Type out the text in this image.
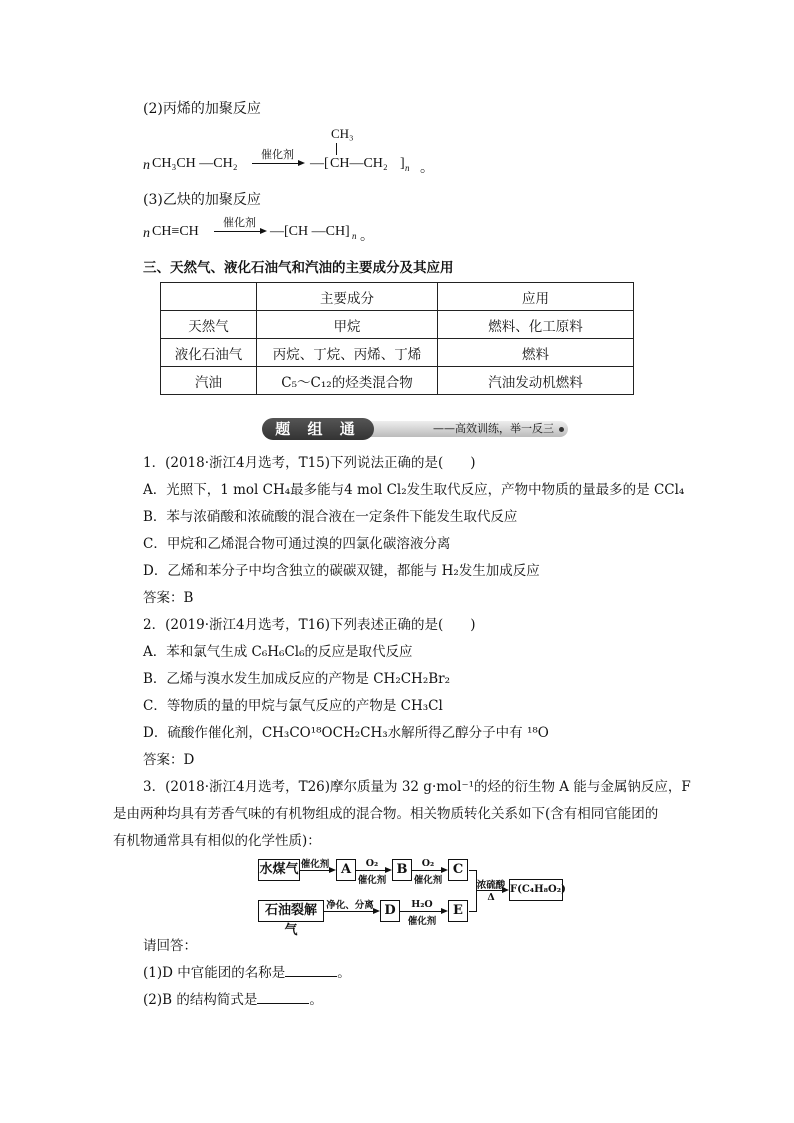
(2)丙烯的加聚反应
n CH₃CH —CH₂
催化剂
CH₃
—[ CH—CH₂ ] n 。
(3)乙炔的加聚反应
n CH≡CH
催化剂
—[CH —CH] n 。
三、天然气、液化石油气和汽油的主要成分及其应用
	主要成分	应用
天然气	甲烷	燃料、化工原料
液化石油气	丙烷、丁烷、丙烯、丁烯	燃料
汽油	C₅～C₁₂的烃类混合物	汽油发动机燃料
——高效训练，举一反三
题 组 通 关
1．(2018·浙江4月选考，T15)下列说法正确的是(　　)
A．光照下，1 mol CH₄最多能与4 mol Cl₂发生取代反应，产物中物质的量最多的是 CCl₄
B．苯与浓硝酸和浓硫酸的混合液在一定条件下能发生取代反应
C．甲烷和乙烯混合物可通过溴的四氯化碳溶液分离
D．乙烯和苯分子中均含独立的碳碳双键，都能与 H₂发生加成反应
答案：B
2．(2019·浙江4月选考，T16)下列表述正确的是(　　)
A．苯和氯气生成 C₆H₆Cl₆的反应是取代反应
B．乙烯与溴水发生加成反应的产物是 CH₂CH₂Br₂
C．等物质的量的甲烷与氯气反应的产物是 CH₃Cl
D．硫酸作催化剂，CH₃CO¹⁸OCH₂CH₃水解所得乙醇分子中有 ¹⁸O
答案：D
3．(2018·浙江4月选考，T26)摩尔质量为 32 g·mol⁻¹的烃的衍生物 A 能与金属钠反应，F
是由两种均具有芳香气味的有机物组成的混合物。相关物质转化关系如下(含有相同官能团的
有机物通常具有相似的化学性质)：
水煤气 催化剂 A	O₂
催化剂
B	O₂
催化剂
C
石油裂解气
净化、分离 D	H₂O
催化剂
E
浓硫酸
Δ
F(C₄H₈O₂)
请回答：
(1)D 中官能团的名称是	。
(2)B 的结构简式是	。
